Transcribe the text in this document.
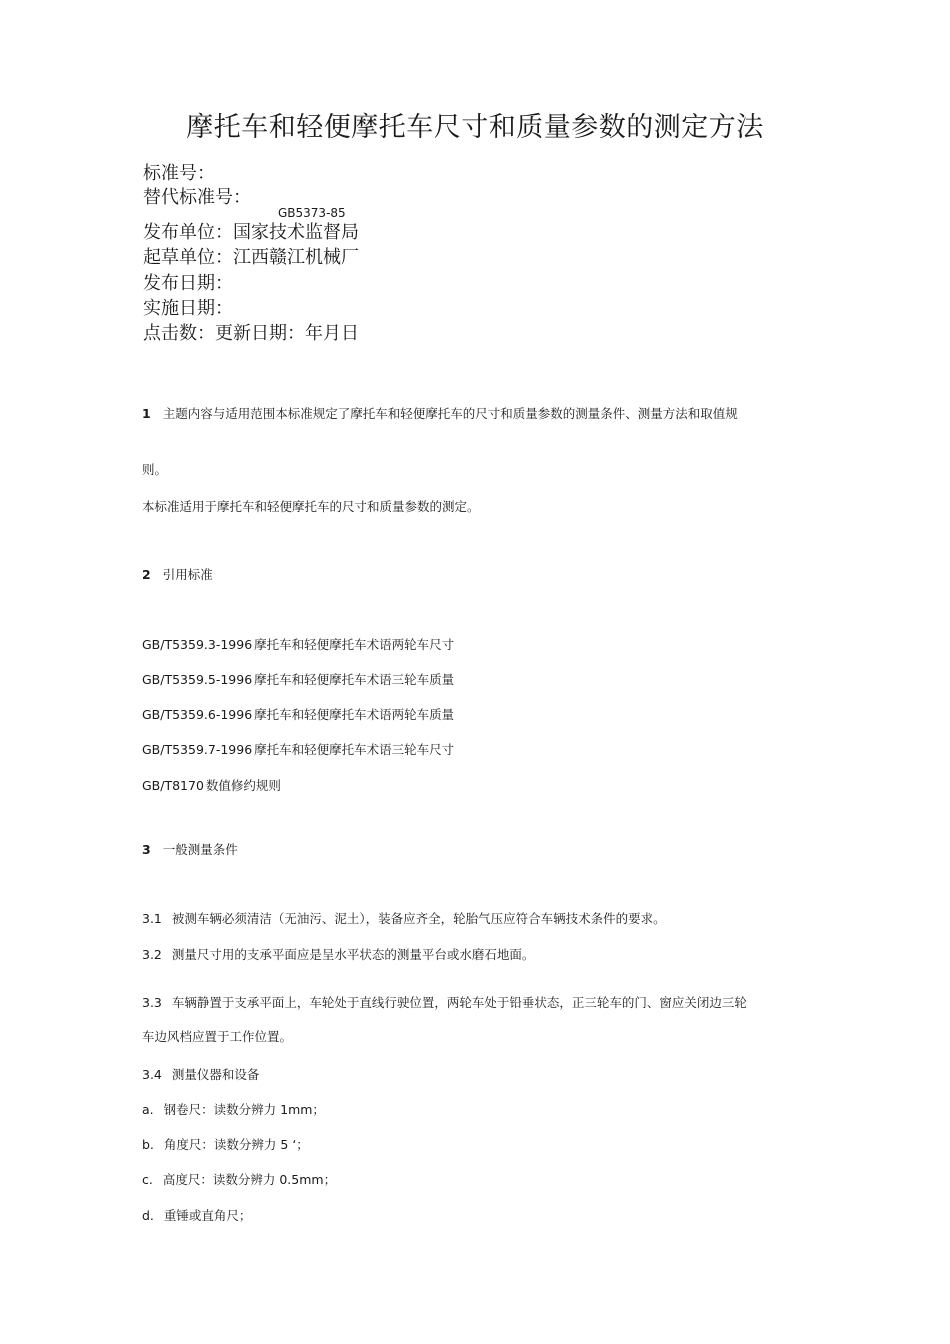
摩托车和轻便摩托车尺寸和质量参数的测定方法
标准号：
替代标准号：
GB5373-85
发布单位：国家技术监督局
起草单位：江西赣江机械厂
发布日期：
实施日期：
点击数：更新日期：年月日
1 主题内容与适用范围本标准规定了摩托车和轻便摩托车的尺寸和质量参数的测量条件、测量方法和取值规
则。
本标准适用于摩托车和轻便摩托车的尺寸和质量参数的测定。
2 引用标准
GB/T5359.3-1996 摩托车和轻便摩托车术语两轮车尺寸
GB/T5359.5-1996 摩托车和轻便摩托车术语三轮车质量
GB/T5359.6-1996 摩托车和轻便摩托车术语两轮车质量
GB/T5359.7-1996 摩托车和轻便摩托车术语三轮车尺寸
GB/T8170 数值修约规则
3 一般测量条件
3.1 被测车辆必须清洁（无油污、泥土），装备应齐全，轮胎气压应符合车辆技术条件的要求。
3.2 测量尺寸用的支承平面应是呈水平状态的测量平台或水磨石地面。
3.3 车辆静置于支承平面上，车轮处于直线行驶位置，两轮车处于铅垂状态，正三轮车的门、窗应关闭边三轮
车边风档应置于工作位置。
3.4 测量仪器和设备
a. 钢卷尺：读数分辨力 1mm；
b. 角度尺：读数分辨力 5 ‘；
c. 高度尺：读数分辨力 0.5mm；
d. 重锤或直角尺；
